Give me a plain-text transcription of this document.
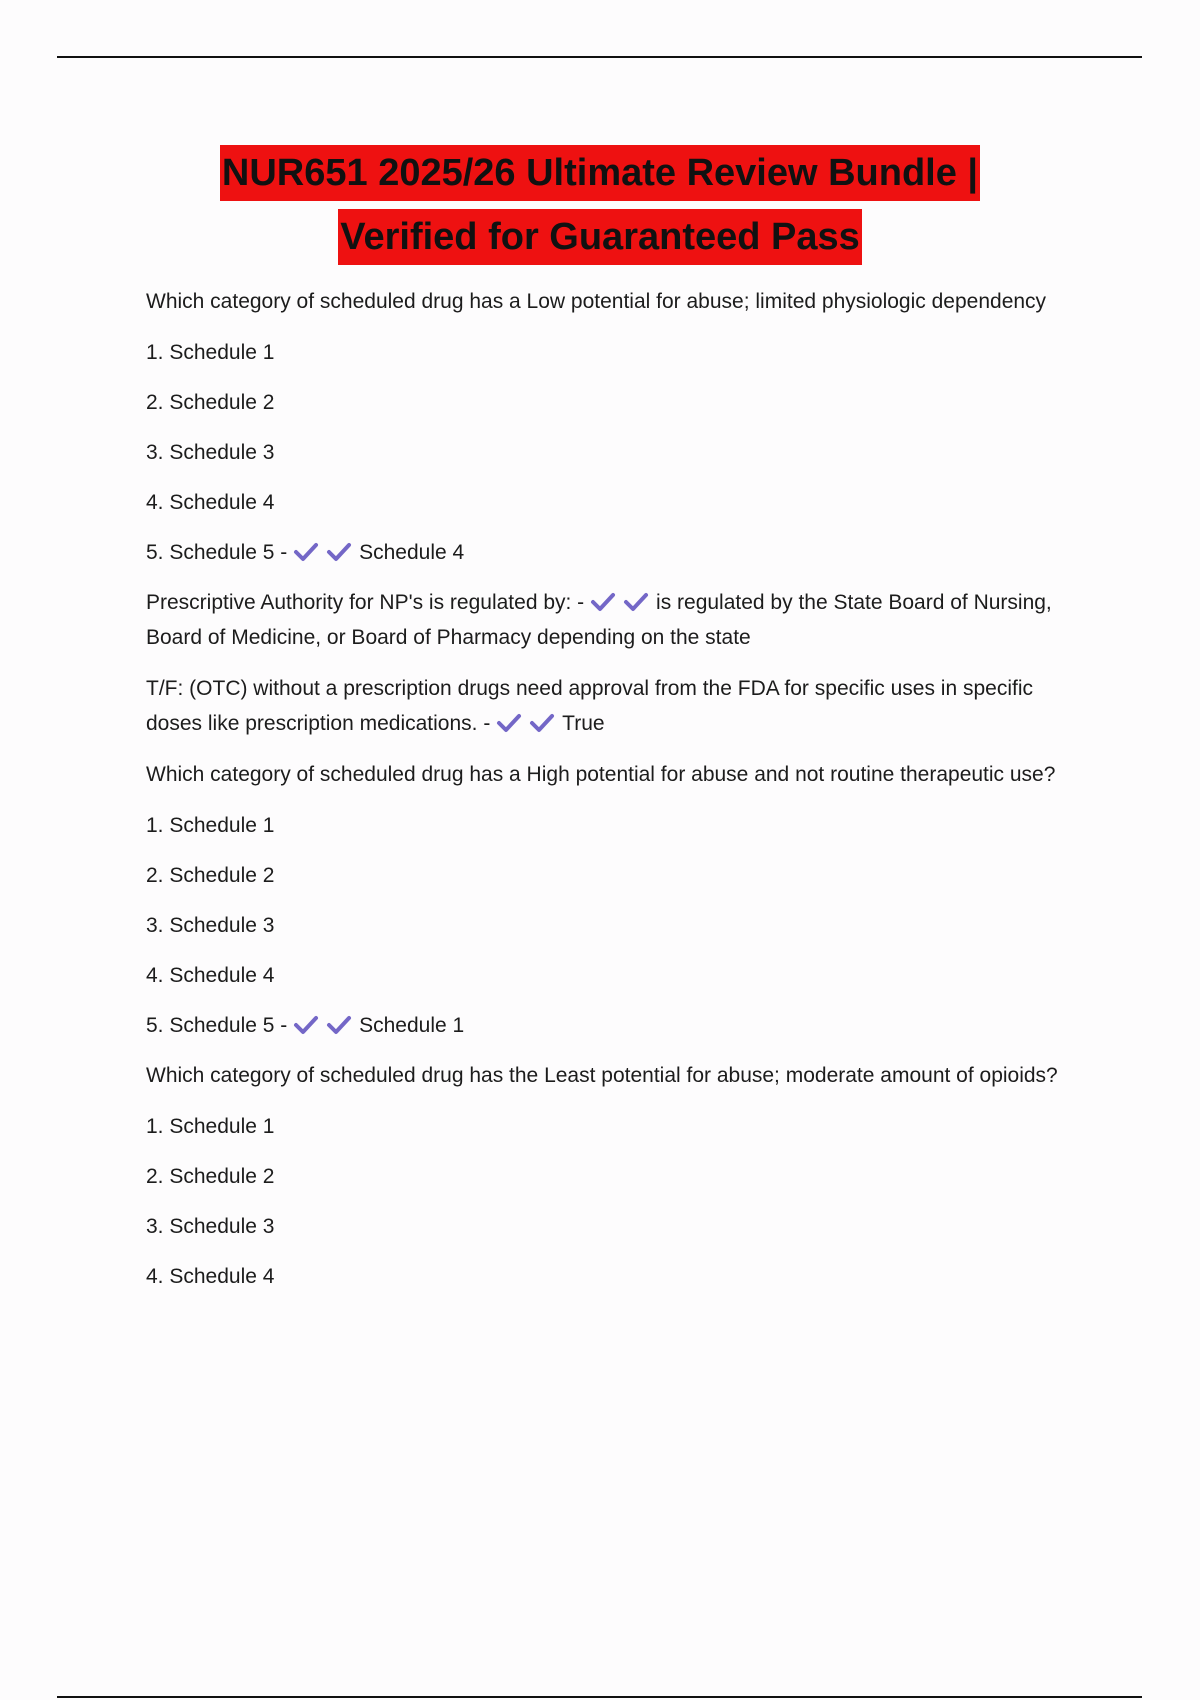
NUR651 2025/26 Ultimate Review Bundle |
Verified for Guaranteed Pass

Which category of scheduled drug has a Low potential for abuse; limited physiologic dependency

1. Schedule 1

2. Schedule 2

3. Schedule 3

4. Schedule 4

5. Schedule 5 -	Schedule 4

Prescriptive Authority for NP's is regulated by: -	is regulated by the State Board of Nursing, Board of Medicine, or Board of Pharmacy depending on the state

T/F: (OTC) without a prescription drugs need approval from the FDA for specific uses in specific doses like prescription medications. -	True

Which category of scheduled drug has a High potential for abuse and not routine therapeutic use?

1. Schedule 1

2. Schedule 2

3. Schedule 3

4. Schedule 4

5. Schedule 5 -	Schedule 1

Which category of scheduled drug has the Least potential for abuse; moderate amount of opioids?

1. Schedule 1

2. Schedule 2

3. Schedule 3

4. Schedule 4
